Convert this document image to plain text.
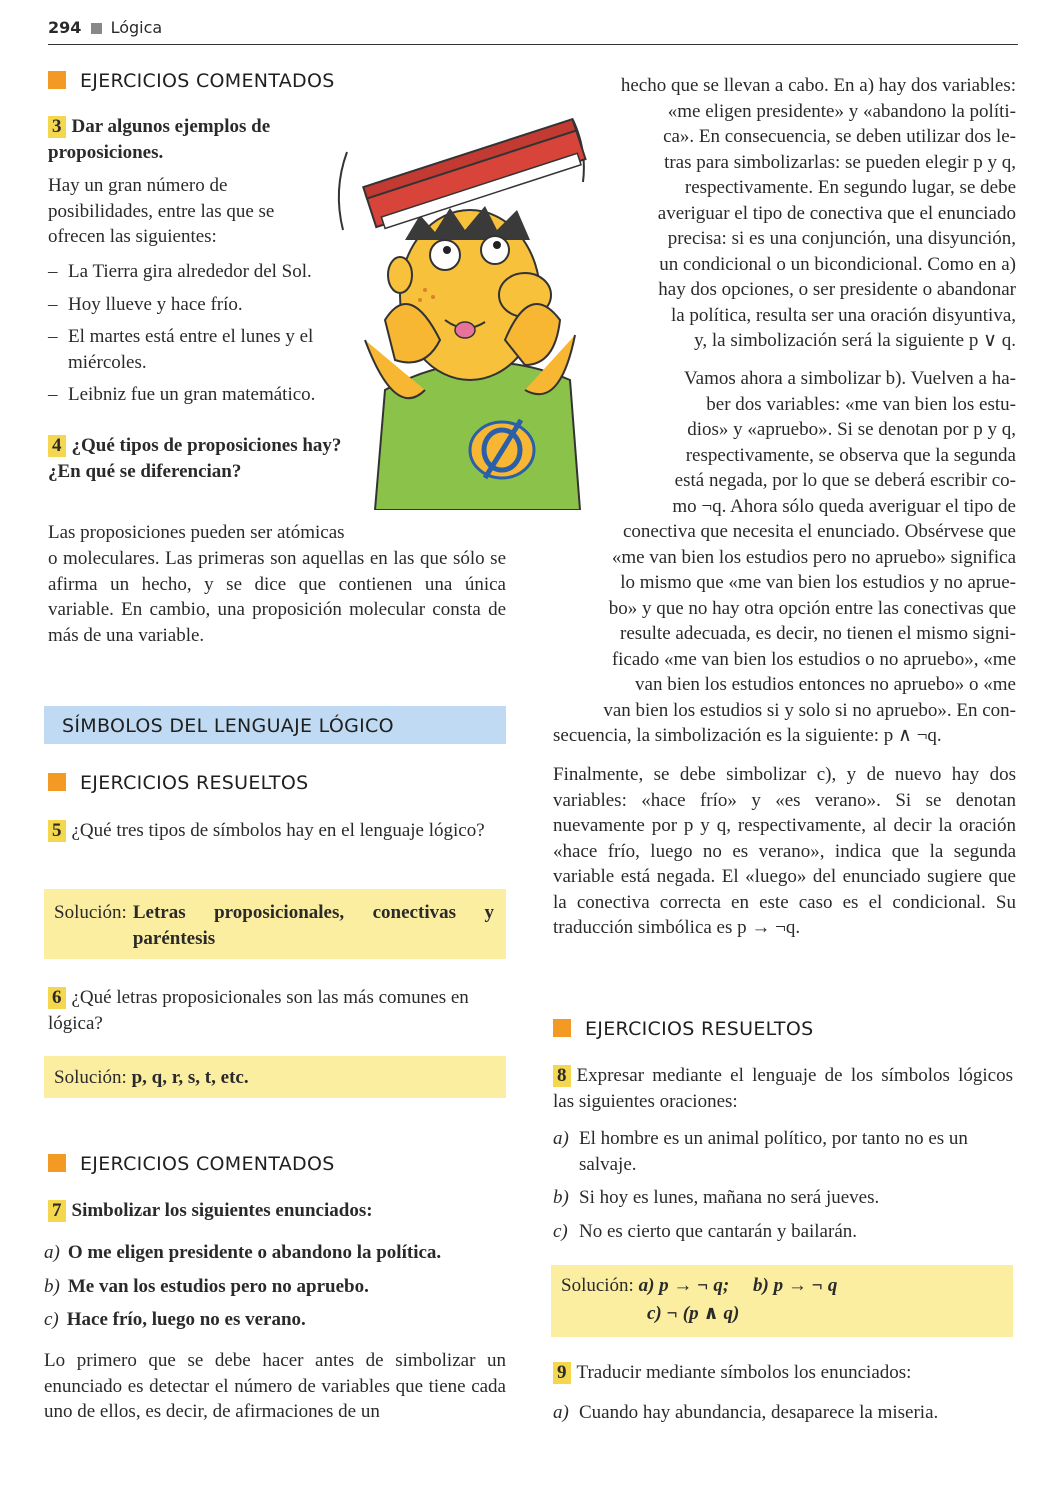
294 Lógica
EJERCICIOS COMENTADOS
3 Dar algunos ejemplos de proposiciones.
Hay un gran número de posibilidades, entre las que se ofrecen las siguientes:
– La Tierra gira alrededor del Sol.
– Hoy llueve y hace frío.
– El martes está entre el lunes y el miércoles.
– Leibniz fue un gran matemático.
4 ¿Qué tipos de proposiciones hay? ¿En qué se diferencian?
Las proposiciones pueden ser atómicas
o moleculares. Las primeras son aquellas en las que sólo se afirma un hecho, y se dice que contienen una única variable. En cambio, una proposición molecular consta de más de una variable.
SÍMBOLOS DEL LENGUAJE LÓGICO
EJERCICIOS RESUELTOS
5 ¿Qué tres tipos de símbolos hay en el lenguaje lógico?
Solución: Letras proposicionales, conectivas y paréntesis
6 ¿Qué letras proposicionales son las más comunes en lógica?
Solución: p, q, r, s, t, etc.
EJERCICIOS COMENTADOS
7 Simbolizar los siguientes enunciados:
a) O me eligen presidente o abandono la política.
b) Me van los estudios pero no apruebo.
c) Hace frío, luego no es verano.
Lo primero que se debe hacer antes de simbolizar un enunciado es detectar el número de variables que tiene cada uno de ellos, es decir, de afirmaciones de un
hecho que se llevan a cabo. En a) hay dos variables:
«me eligen presidente» y «abandono la políti-
ca». En consecuencia, se deben utilizar dos le-
tras para simbolizarlas: se pueden elegir p y q,
respectivamente. En segundo lugar, se debe
averiguar el tipo de conectiva que el enunciado
precisa: si es una conjunción, una disyunción,
un condicional o un bicondicional. Como en a)
hay dos opciones, o ser presidente o abandonar
la política, resulta ser una oración disyuntiva,
y, la simbolización será la siguiente p ∨ q.
Vamos ahora a simbolizar b). Vuelven a ha-
ber dos variables: «me van bien los estu-
dios» y «apruebo». Si se denotan por p y q,
respectivamente, se observa que la segunda
está negada, por lo que se deberá escribir co-
mo ¬q. Ahora sólo queda averiguar el tipo de
conectiva que necesita el enunciado. Obsérvese que
«me van bien los estudios pero no apruebo» significa
lo mismo que «me van bien los estudios y no aprue-
bo» y que no hay otra opción entre las conectivas que
resulte adecuada, es decir, no tienen el mismo signi-
ficado «me van bien los estudios o no apruebo», «me
van bien los estudios entonces no apruebo» o «me
van bien los estudios si y solo si no apruebo». En con-
secuencia, la simbolización es la siguiente: p ∧ ¬q.
Finalmente, se debe simbolizar c), y de nuevo hay dos variables: «hace frío» y «es verano». Si se denotan nuevamente por p y q, respectivamente, al decir la oración «hace frío, luego no es verano», indica que la segunda variable está negada. El «luego» del enunciado sugiere que la conectiva correcta en este caso es el condicional. Su traducción simbólica es p → ¬q.
EJERCICIOS RESUELTOS
8 Expresar mediante el lenguaje de los símbolos lógicos las siguientes oraciones:
a) El hombre es un animal político, por tanto no es un salvaje.
b) Si hoy es lunes, mañana no será jueves.
c) No es cierto que cantarán y bailarán.
Solución: a) p → ¬ q;     b) p → ¬ q
c) ¬ (p ∧ q)
9 Traducir mediante símbolos los enunciados:
a) Cuando hay abundancia, desaparece la miseria.
